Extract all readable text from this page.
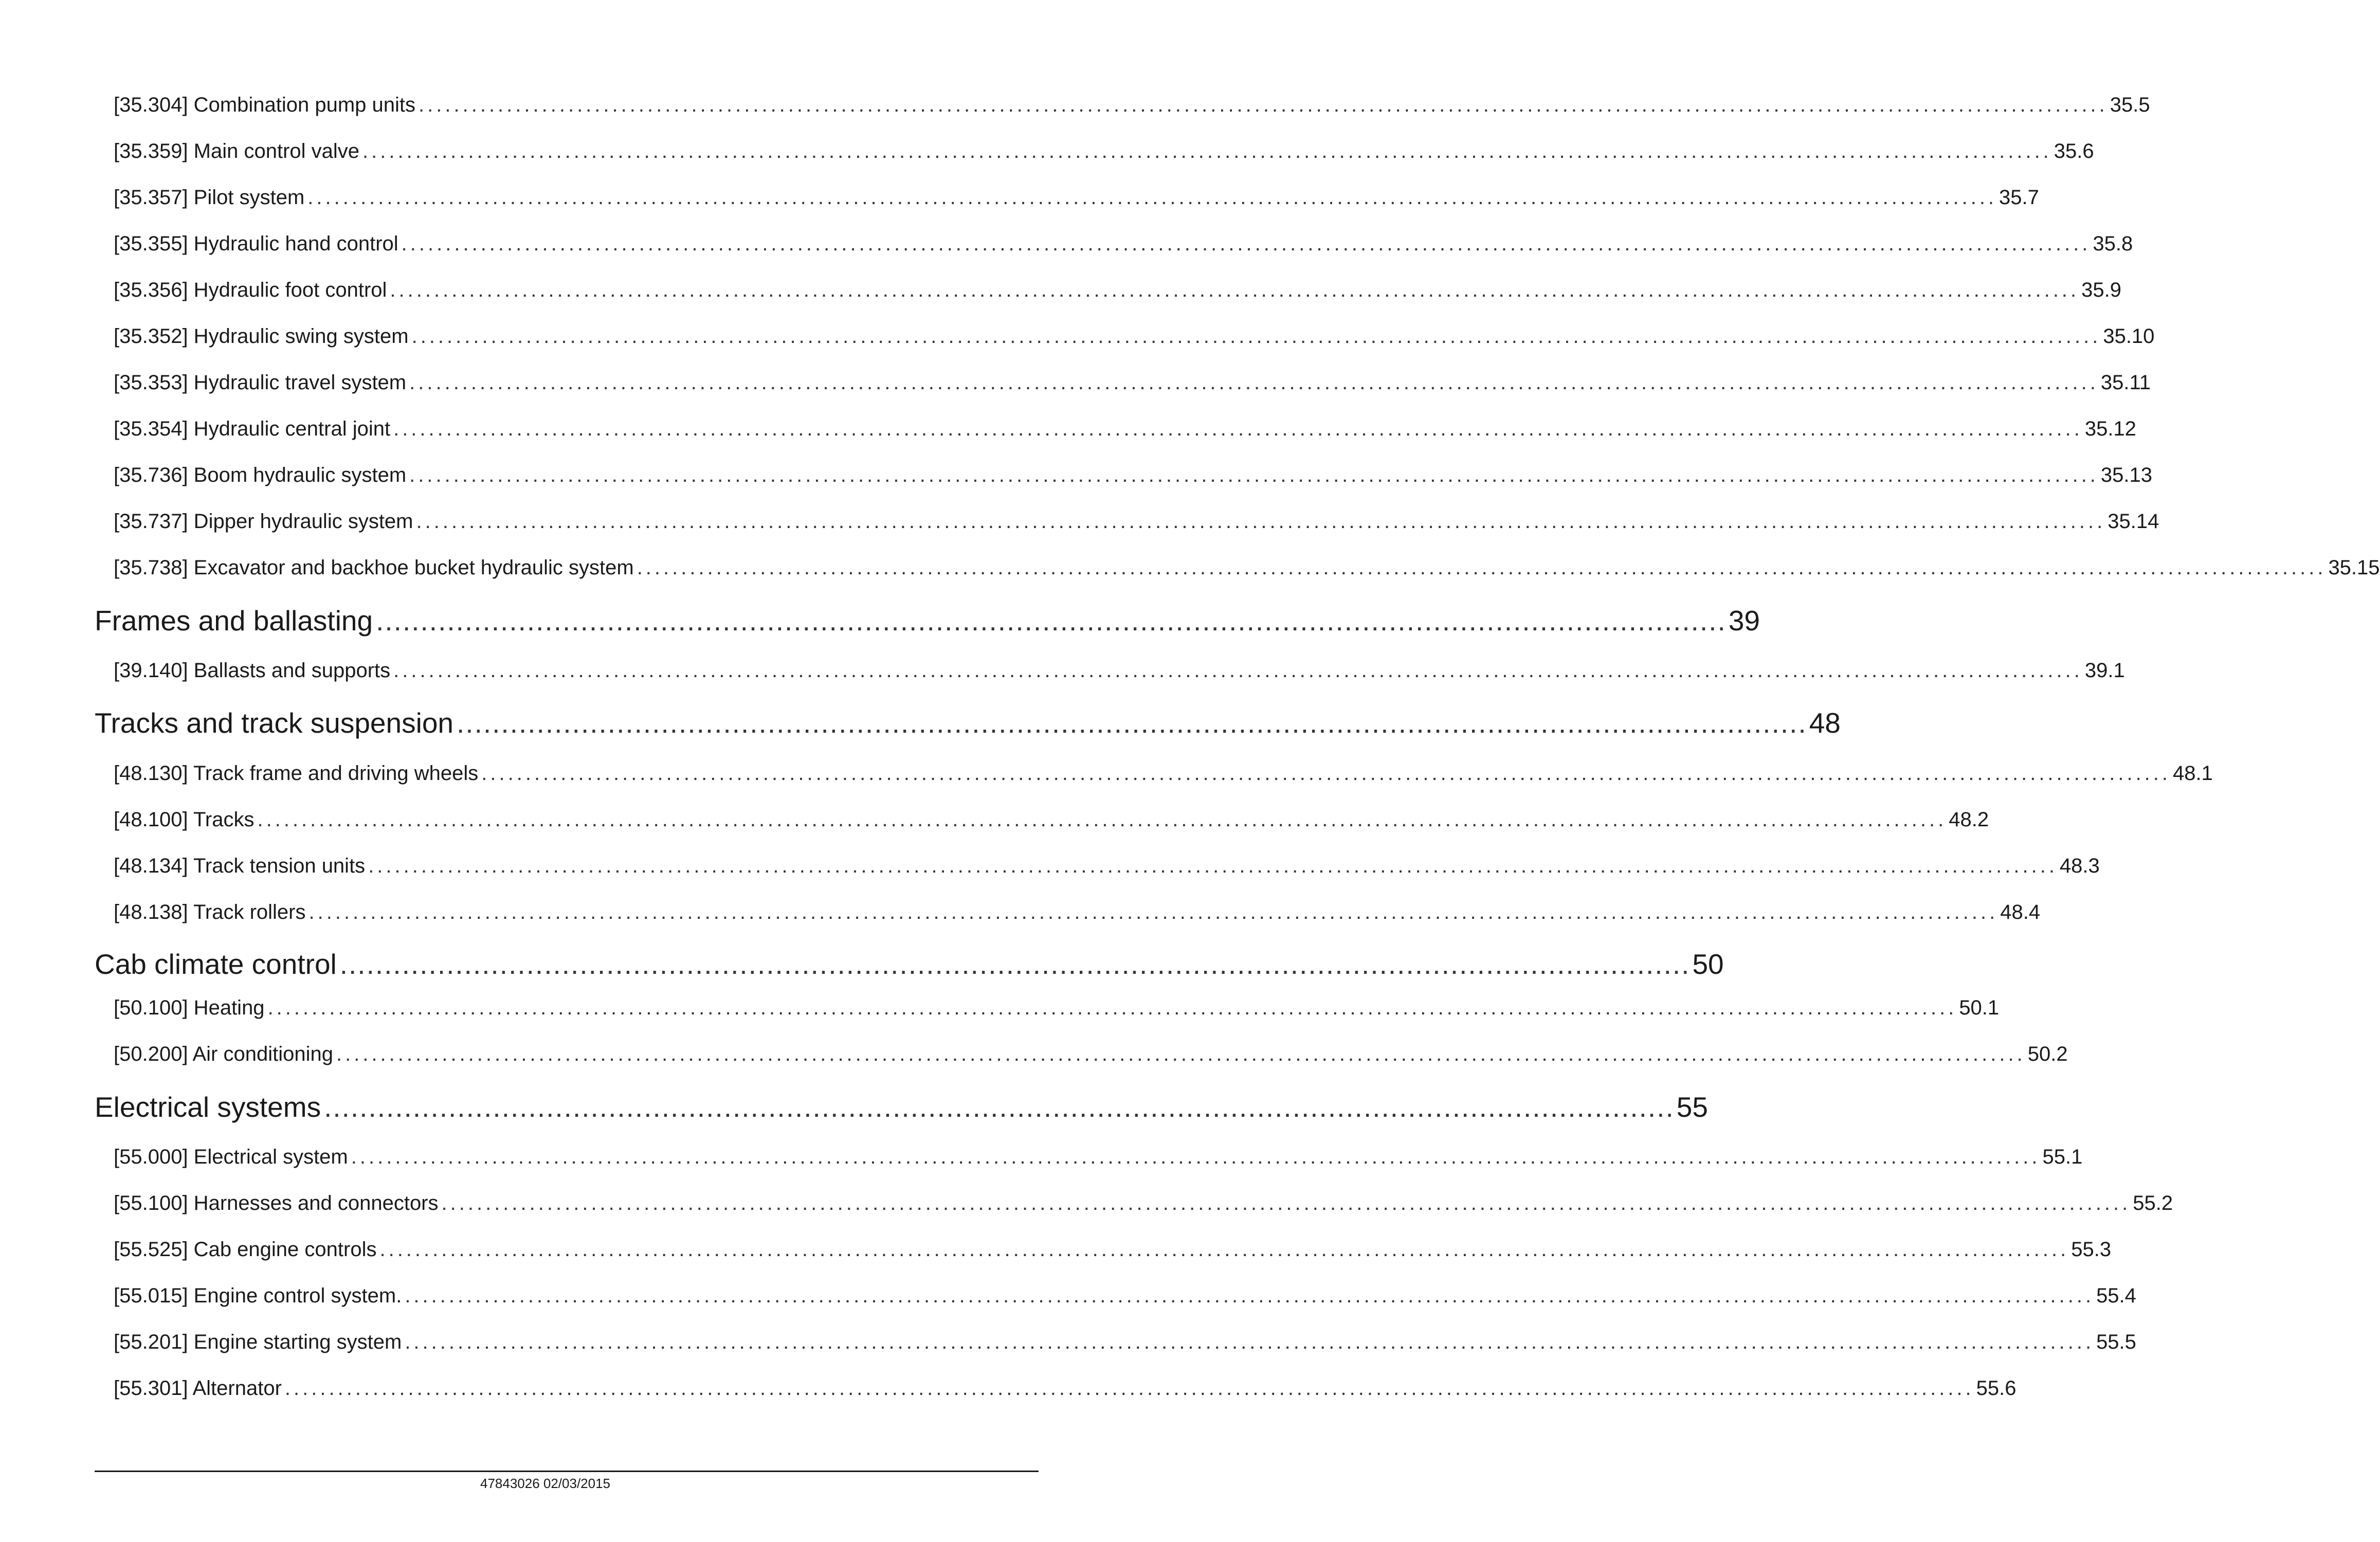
[35.304] Combination pump units ................................................................................................................................................................................................ 35.5
[35.359] Main control valve ................................................................................................................................................................................................ 35.6
[35.357] Pilot system ................................................................................................................................................................................................ 35.7
[35.355] Hydraulic hand control ................................................................................................................................................................................................ 35.8
[35.356] Hydraulic foot control ................................................................................................................................................................................................ 35.9
[35.352] Hydraulic swing system ................................................................................................................................................................................................ 35.10
[35.353] Hydraulic travel system ................................................................................................................................................................................................ 35.11
[35.354] Hydraulic central joint ................................................................................................................................................................................................ 35.12
[35.736] Boom hydraulic system ................................................................................................................................................................................................ 35.13
[35.737] Dipper hydraulic system ................................................................................................................................................................................................ 35.14
[35.738] Excavator and backhoe bucket hydraulic system ................................................................................................................................................................................................ 35.15
Frames and ballasting ........................................................................................................................................................ 39
[39.140] Ballasts and supports ................................................................................................................................................................................................ 39.1
Tracks and track suspension ........................................................................................................................................................ 48
[48.130] Track frame and driving wheels ................................................................................................................................................................................................ 48.1
[48.100] Tracks ................................................................................................................................................................................................ 48.2
[48.134] Track tension units ................................................................................................................................................................................................ 48.3
[48.138] Track rollers ................................................................................................................................................................................................ 48.4
Cab climate control ........................................................................................................................................................ 50
[50.100] Heating ................................................................................................................................................................................................ 50.1
[50.200] Air conditioning ................................................................................................................................................................................................ 50.2
Electrical systems ........................................................................................................................................................ 55
[55.000] Electrical system ................................................................................................................................................................................................ 55.1
[55.100] Harnesses and connectors ................................................................................................................................................................................................ 55.2
[55.525] Cab engine controls ................................................................................................................................................................................................ 55.3
[55.015] Engine control system. ................................................................................................................................................................................................ 55.4
[55.201] Engine starting system ................................................................................................................................................................................................ 55.5
[55.301] Alternator ................................................................................................................................................................................................ 55.6
47843026 02/03/2015
